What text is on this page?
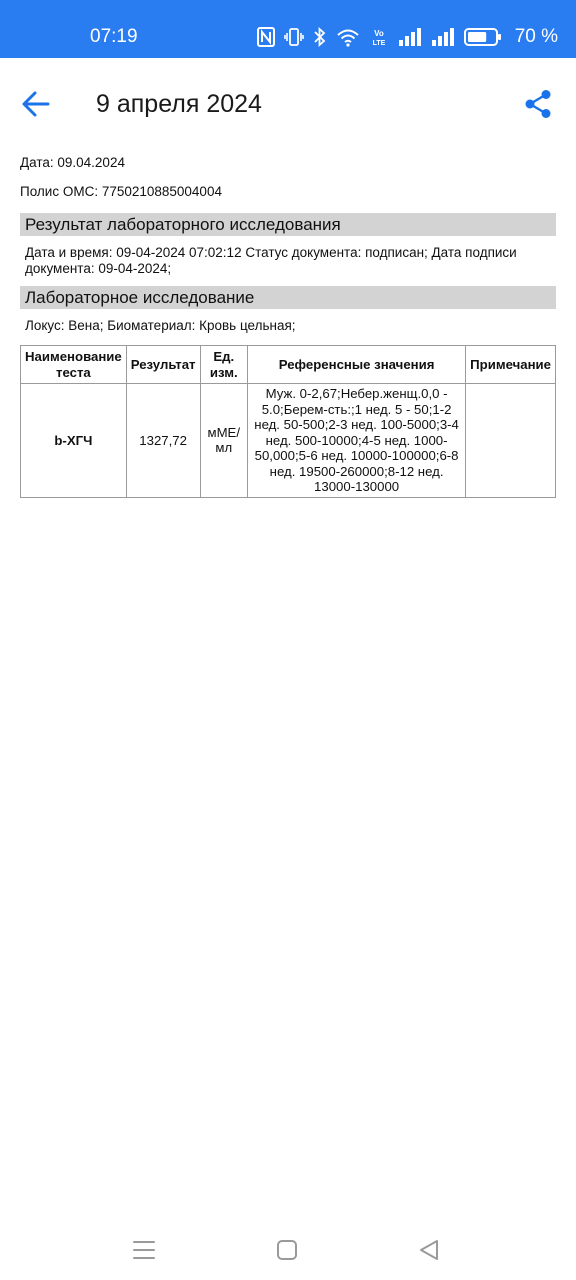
07:19	Vo
LTE	70 %
9 апреля 2024
Дата: 09.04.2024
Полис ОМС: 7750210885004004
Результат лабораторного исследования
Дата и время: 09-04-2024 07:02:12 Статус документа: подписан; Дата подписи документа: 09-04-2024;
Лабораторное исследование
Локус: Вена; Биоматериал: Кровь цельная;
Наименование теста	Результат	Ед. изм.	Референсные значения	Примечание
b-ХГЧ	1327,72	мМЕ/мл	Муж. 0-2,67;Небер.женщ.0,0 - 5.0;Берем-сть:;1 нед. 5 - 50;1-2 нед. 50-500;2-3 нед. 100-5000;3-4 нед. 500-10000;4-5 нед. 1000-50,000;5-6 нед. 10000-100000;6-8 нед. 19500-260000;8-12 нед. 13000-130000	
